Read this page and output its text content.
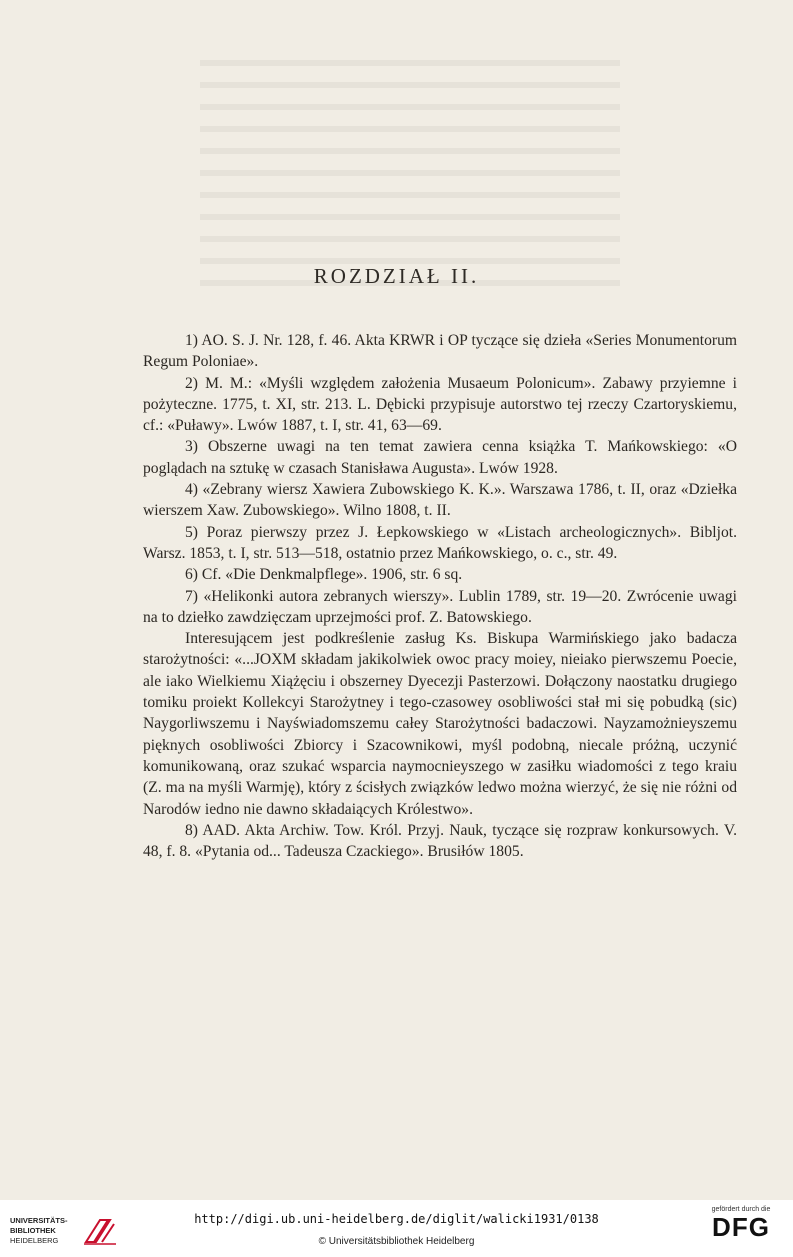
ROZDZIAŁ II.

1) AO. S. J. Nr. 128, f. 46. Akta KRWR i OP tyczące się dzieła «Series Monumentorum Regum Poloniae».

2) M. M.: «Myśli względem założenia Musaeum Polonicum». Zabawy przyiemne i pożyteczne. 1775, t. XI, str. 213. L. Dębicki przypisuje autorstwo tej rzeczy Czartoryskiemu, cf.: «Puławy». Lwów 1887, t. I, str. 41, 63—69.

3) Obszerne uwagi na ten temat zawiera cenna książka T. Mańkowskiego: «O poglądach na sztukę w czasach Stanisława Augusta». Lwów 1928.

4) «Zebrany wiersz Xawiera Zubowskiego K. K.». Warszawa 1786, t. II, oraz «Dziełka wierszem Xaw. Zubowskiego». Wilno 1808, t. II.

5) Poraz pierwszy przez J. Łepkowskiego w «Listach archeologicznych». Bibljot. Warsz. 1853, t. I, str. 513—518, ostatnio przez Mańkowskiego, o. c., str. 49.

6) Cf. «Die Denkmalpflege». 1906, str. 6 sq.

7) «Helikonki autora zebranych wierszy». Lublin 1789, str. 19—20. Zwrócenie uwagi na to dziełko zawdzięczam uprzejmości prof. Z. Batowskiego.

Interesującem jest podkreślenie zasług Ks. Biskupa Warmińskiego jako badacza starożytności: «...JOXM składam jakikolwiek owoc pracy moiey, nieiako pierwszemu Poecie, ale iako Wielkiemu Xiążęciu i obszerney Dyecezji Pasterzowi. Dołączony naostatku drugiego tomiku proiekt Kollekcyi Starożytney i tego-czasowey osobliwości stał mi się pobudką (sic) Naygorliwszemu i Nayświadomszemu całey Starożytności badaczowi. Nayzamożnieyszemu pięknych osobliwości Zbiorcy i Szacownikowi, myśl podobną, niecale próżną, uczynić komunikowaną, oraz szukać wsparcia naymocnieyszego w zasiłku wiadomości z tego kraiu (Z. ma na myśli Warmję), który z ścisłych związków ledwo można wierzyć, że się nie różni od Narodów iedno nie dawno składaiących Królestwo».

8) AAD. Akta Archiw. Tow. Król. Przyj. Nauk, tyczące się rozpraw konkursowych. V. 48, f. 8. «Pytania od... Tadeusza Czackiego». Brusiłów 1805.

UNIVERSITÄTS-
BIBLIOTHEK
HEIDELBERG
http://digi.ub.uni-heidelberg.de/diglit/walicki1931/0138
© Universitätsbibliothek Heidelberg
gefördert durch die
DFG
